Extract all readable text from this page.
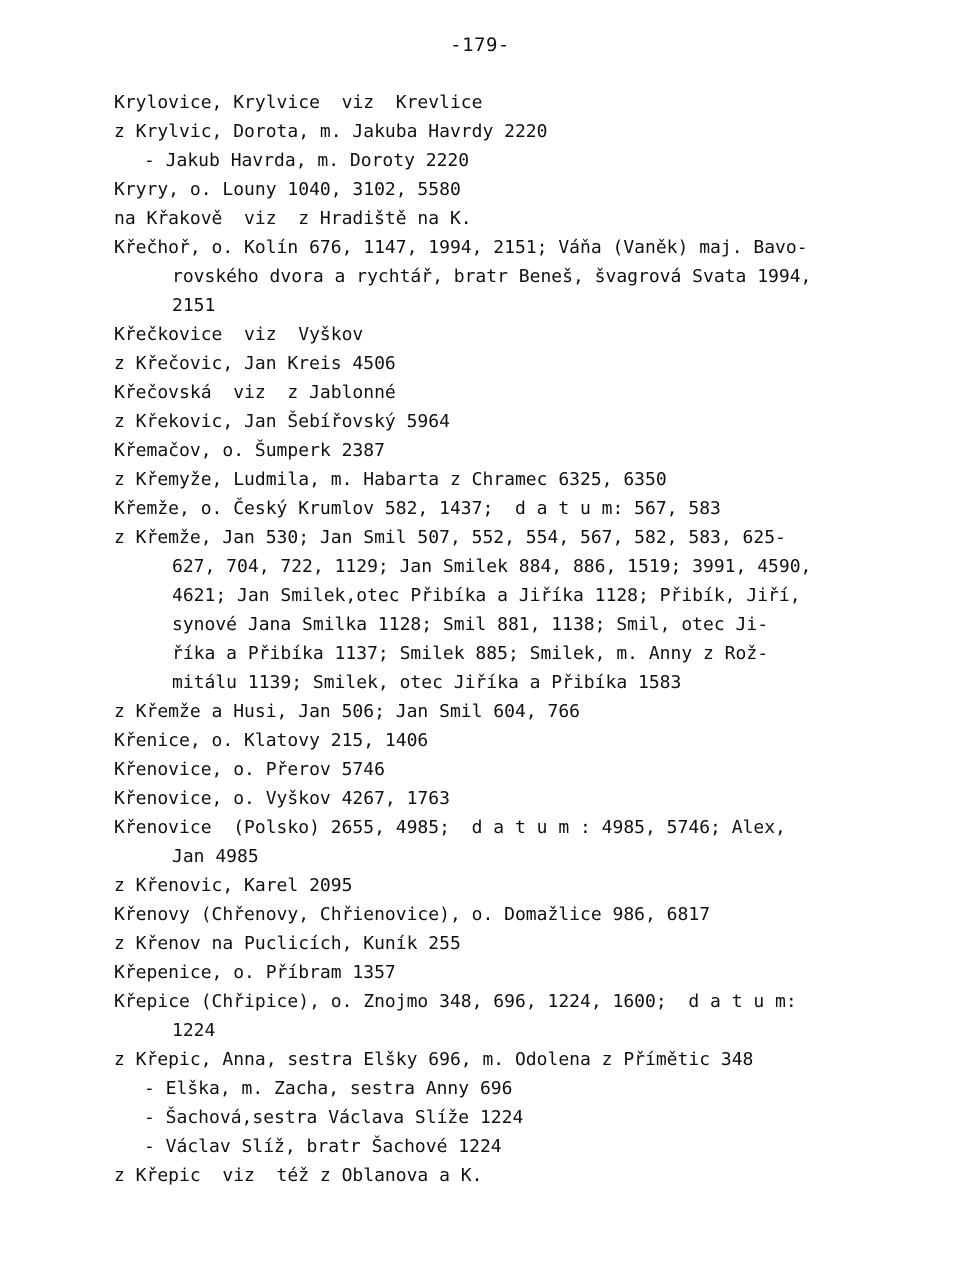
-179-
Krylovice, Krylvice  viz  Krevlice
z Krylvic, Dorota, m. Jakuba Havrdy 2220
- Jakub Havrda, m. Doroty 2220
Kryry, o. Louny 1040, 3102, 5580
na Křakově  viz  z Hradiště na K.
Křečhoř, o. Kolín 676, 1147, 1994, 2151; Váňa (Vaněk) maj. Bavo-
rovského dvora a rychtář, bratr Beneš, švagrová Svata 1994,
2151
Křečkovice  viz  Vyškov
z Křečovic, Jan Kreis 4506
Křečovská  viz  z Jablonné
z Křekovic, Jan Šebířovský 5964
Křemačov, o. Šumperk 2387
z Křemyže, Ludmila, m. Habarta z Chramec 6325, 6350
Křemže, o. Český Krumlov 582, 1437;  d a t u m: 567, 583
z Křemže, Jan 530; Jan Smil 507, 552, 554, 567, 582, 583, 625-
627, 704, 722, 1129; Jan Smilek 884, 886, 1519; 3991, 4590,
4621; Jan Smilek,otec Přibíka a Jiříka 1128; Přibík, Jiří,
synové Jana Smilka 1128; Smil 881, 1138; Smil, otec Ji-
říka a Přibíka 1137; Smilek 885; Smilek, m. Anny z Rož-
mitálu 1139; Smilek, otec Jiříka a Přibíka 1583
z Křemže a Husi, Jan 506; Jan Smil 604, 766
Křenice, o. Klatovy 215, 1406
Křenovice, o. Přerov 5746
Křenovice, o. Vyškov 4267, 1763
Křenovice  (Polsko) 2655, 4985;  d a t u m : 4985, 5746; Alex,
Jan 4985
z Křenovic, Karel 2095
Křenovy (Chřenovy, Chřienovice), o. Domažlice 986, 6817
z Křenov na Puclicích, Kuník 255
Křepenice, o. Příbram 1357
Křepice (Chřipice), o. Znojmo 348, 696, 1224, 1600;  d a t u m:
1224
z Křepic, Anna, sestra Elšky 696, m. Odolena z Přímětic 348
- Elška, m. Zacha, sestra Anny 696
- Šachová,sestra Václava Slíže 1224
- Václav Slíž, bratr Šachové 1224
z Křepic  viz  též z Oblanova a K.
